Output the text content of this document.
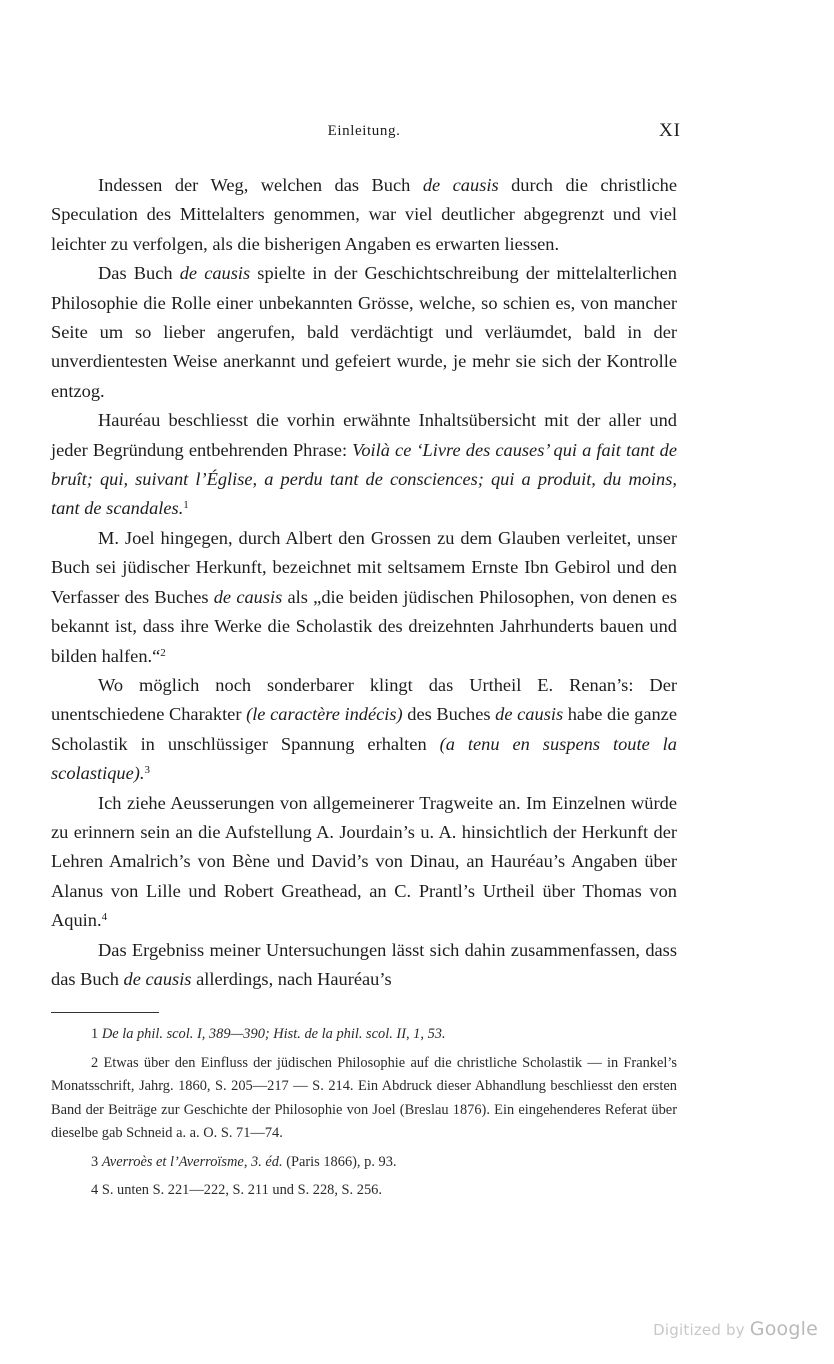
Einleitung.	XI

Indessen der Weg, welchen das Buch de causis durch die christliche Speculation des Mittelalters genommen, war viel deutlicher abgegrenzt und viel leichter zu verfolgen, als die bisherigen Angaben es erwarten liessen.

Das Buch de causis spielte in der Geschichtschreibung der mittelalterlichen Philosophie die Rolle einer unbekannten Grösse, welche, so schien es, von mancher Seite um so lieber angerufen, bald verdächtigt und verläumdet, bald in der unverdientesten Weise anerkannt und gefeiert wurde, je mehr sie sich der Kontrolle entzog.

Hauréau beschliesst die vorhin erwähnte Inhaltsübersicht mit der aller und jeder Begründung entbehrenden Phrase: Voilà ce ‘Livre des causes’ qui a fait tant de bruît; qui, suivant l’Église, a perdu tant de consciences; qui a produit, du moins, tant de scandales.$^1$

M. Joel hingegen, durch Albert den Grossen zu dem Glauben verleitet, unser Buch sei jüdischer Herkunft, bezeichnet mit seltsamem Ernste Ibn Gebirol und den Verfasser des Buches de causis als „die beiden jüdischen Philosophen, von denen es bekannt ist, dass ihre Werke die Scholastik des dreizehnten Jahrhunderts bauen und bilden halfen.“$^2$

Wo möglich noch sonderbarer klingt das Urtheil E. Renan’s: Der unentschiedene Charakter (le caractère indécis) des Buches de causis habe die ganze Scholastik in unschlüssiger Spannung erhalten (a tenu en suspens toute la scolastique).$^3$

Ich ziehe Aeusserungen von allgemeinerer Tragweite an. Im Einzelnen würde zu erinnern sein an die Aufstellung A. Jourdain’s u. A. hinsichtlich der Herkunft der Lehren Amalrich’s von Bène und David’s von Dinau, an Hauréau’s Angaben über Alanus von Lille und Robert Greathead, an C. Prantl’s Urtheil über Thomas von Aquin.$^4$

Das Ergebniss meiner Untersuchungen lässt sich dahin zusammenfassen, dass das Buch de causis allerdings, nach Hauréau’s

1 De la phil. scol. I, 389—390; Hist. de la phil. scol. II, 1, 53.

2 Etwas über den Einfluss der jüdischen Philosophie auf die christliche Scholastik — in Frankel’s Monatsschrift, Jahrg. 1860, S. 205—217 — S. 214. Ein Abdruck dieser Abhandlung beschliesst den ersten Band der Beiträge zur Geschichte der Philosophie von Joel (Breslau 1876). Ein eingehenderes Referat über dieselbe gab Schneid a. a. O. S. 71—74.

3 Averroès et l’Averroïsme, 3. éd. (Paris 1866), p. 93.

4 S. unten S. 221—222, S. 211 und S. 228, S. 256.

Digitized by Google
